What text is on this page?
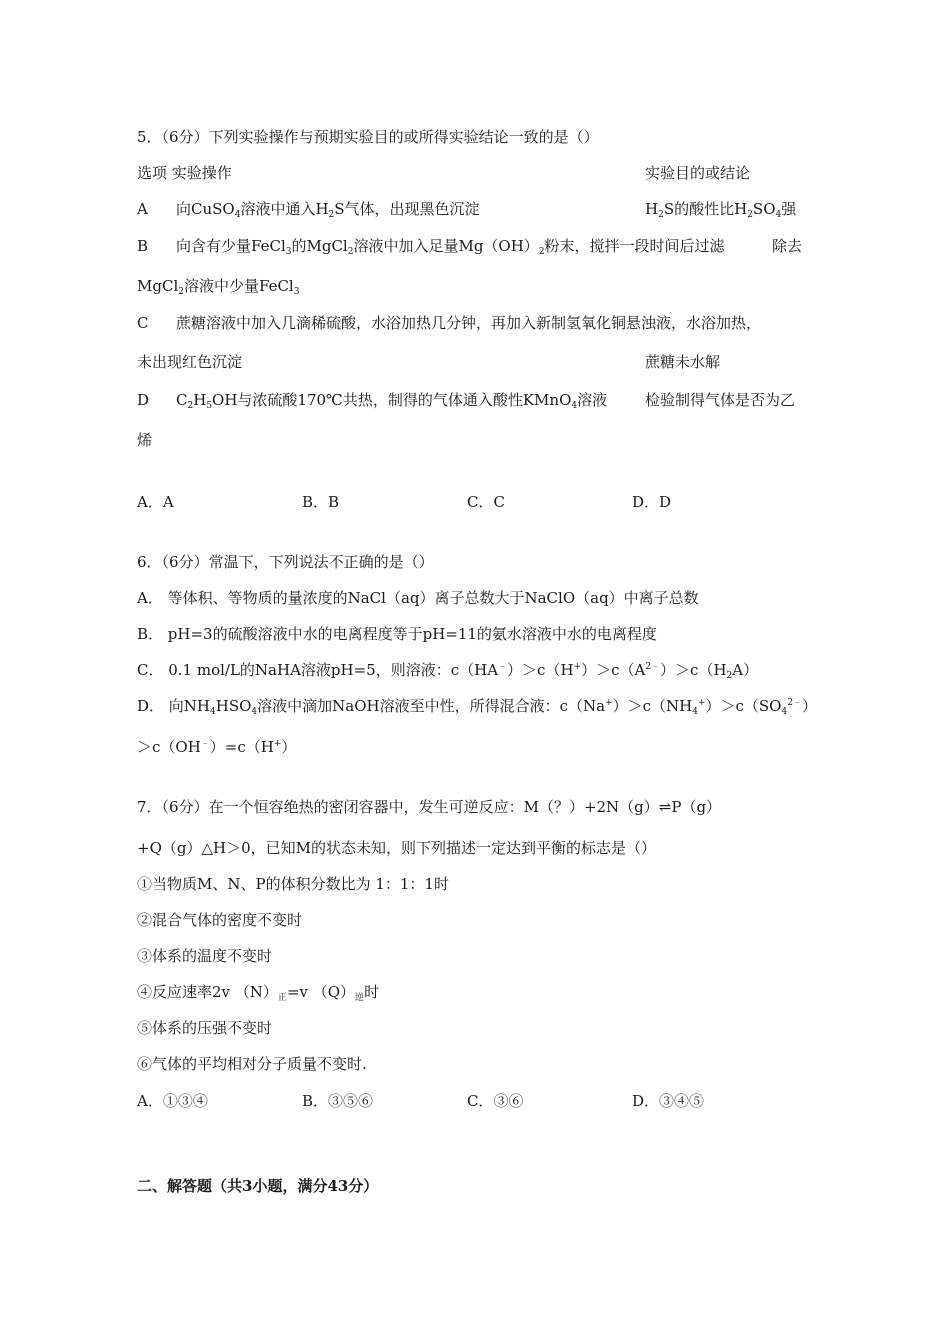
5．（6分）下列实验操作与预期实验目的或所得实验结论一致的是（）
选项 实验操作	实验目的或结论
A 向CuSO$_4$溶液中通入$H_2S$气体，出现黑色沉淀	$H_2S$的酸性比$H_2SO_4$强
B 向含有少量FeCl$_3$的MgCl$_2$溶液中加入足量$Mg(OH)_2$粉末，搅拌一段时间后过滤	除去
MgCl$_2$溶液中少量FeCl$_3$
C 蔗糖溶液中加入几滴稀硫酸，水浴加热几分钟，再加入新制氢氧化铜悬浊液，水浴加热，
未出现红色沉淀	蔗糖未水解
D $C_2H_5OH$与浓硫酸170℃共热，制得的气体通入酸性KMnO$_4$溶液	检验制得气体是否为乙
烯
A．A	B．B	C．C	D．D
6．（6分）常温下，下列说法不正确的是（）
A． 等体积、等物质的量浓度的NaCl（aq）离子总数大于NaClO（aq）中离子总数
B． pH=3的硫酸溶液中水的电离程度等于pH=11的氨水溶液中水的电离程度
C． 0.1 mol/L的NaHA溶液pH=5，则溶液：$c(HA^﹣)>c(H^+)>c(A^{2﹣})>c(H_2A)$
D． 向$NH_4HSO_4$溶液中滴加NaOH溶液至中性，所得混合液：$c(Na^+)>c(NH_4^+)>c(SO_4^{2﹣})$
＞c（OH﹣）=c（H+）
7．（6分）在一个恒容绝热的密闭容器中，发生可逆反应：M（？）+2N（g）⇌P（g）
+Q（g）△H＞0，已知M的状态未知，则下列描述一定达到平衡的标志是（）
①当物质M、N、P的体积分数比为 1：1：1时
②混合气体的密度不变时
③体系的温度不变时
④反应速率2v $(N)_正=v$ $(Q)_逆$时
⑤体系的压强不变时
⑥气体的平均相对分子质量不变时.
A．①③④	B．③⑤⑥	C．③⑥	D．③④⑤
二、解答题（共3小题，满分43分）
